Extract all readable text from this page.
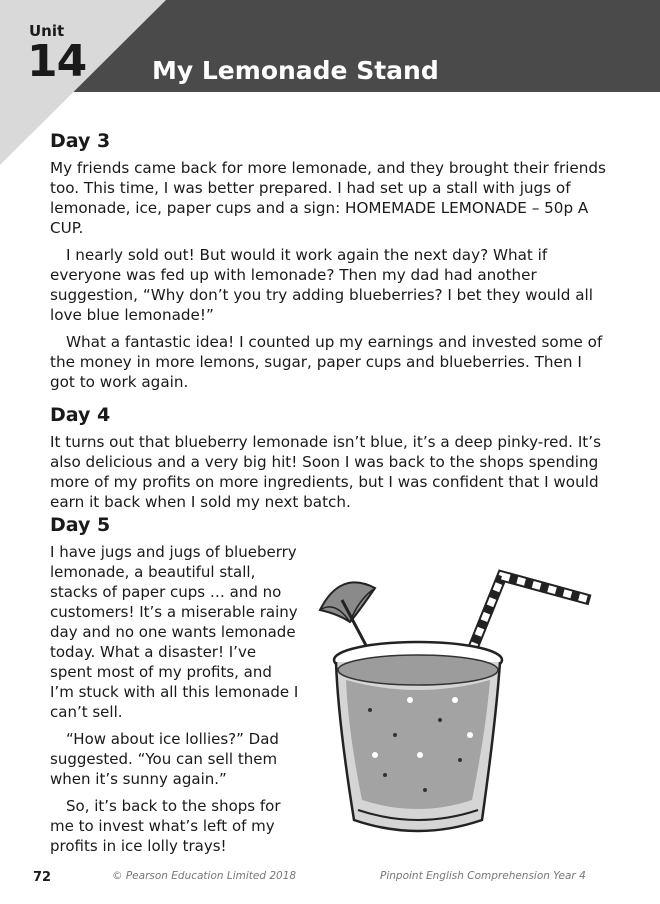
Unit
14	My Lemonade Stand
Day 3

My friends came back for more lemonade, and they brought their friends too. This time, I was better prepared. I had set up a stall with jugs of lemonade, ice, paper cups and a sign: HOMEMADE LEMONADE – 50p A CUP.

I nearly sold out! But would it work again the next day? What if everyone was fed up with lemonade? Then my dad had another suggestion, “Why don’t you try adding blueberries? I bet they would all love blue lemonade!”

What a fantastic idea! I counted up my earnings and invested some of the money in more lemons, sugar, paper cups and blueberries. Then I got to work again.

Day 4

It turns out that blueberry lemonade isn’t blue, it’s a deep pinky-red. It’s also delicious and a very big hit! Soon I was back to the shops spending more of my profits on more ingredients, but I was confident that I would earn it back when I sold my next batch.

Day 5

I have jugs and jugs of blueberry lemonade, a beautiful stall, stacks of paper cups … and no customers! It’s a miserable rainy day and no one wants lemonade today. What a disaster! I’ve spent most of my profits, and I’m stuck with all this lemonade I can’t sell.

“How about ice lollies?” Dad suggested. “You can sell them when it’s sunny again.”

So, it’s back to the shops for me to invest what’s left of my profits in ice lolly trays!

72	© Pearson Education Limited 2018	Pinpoint English Comprehension Year 4
